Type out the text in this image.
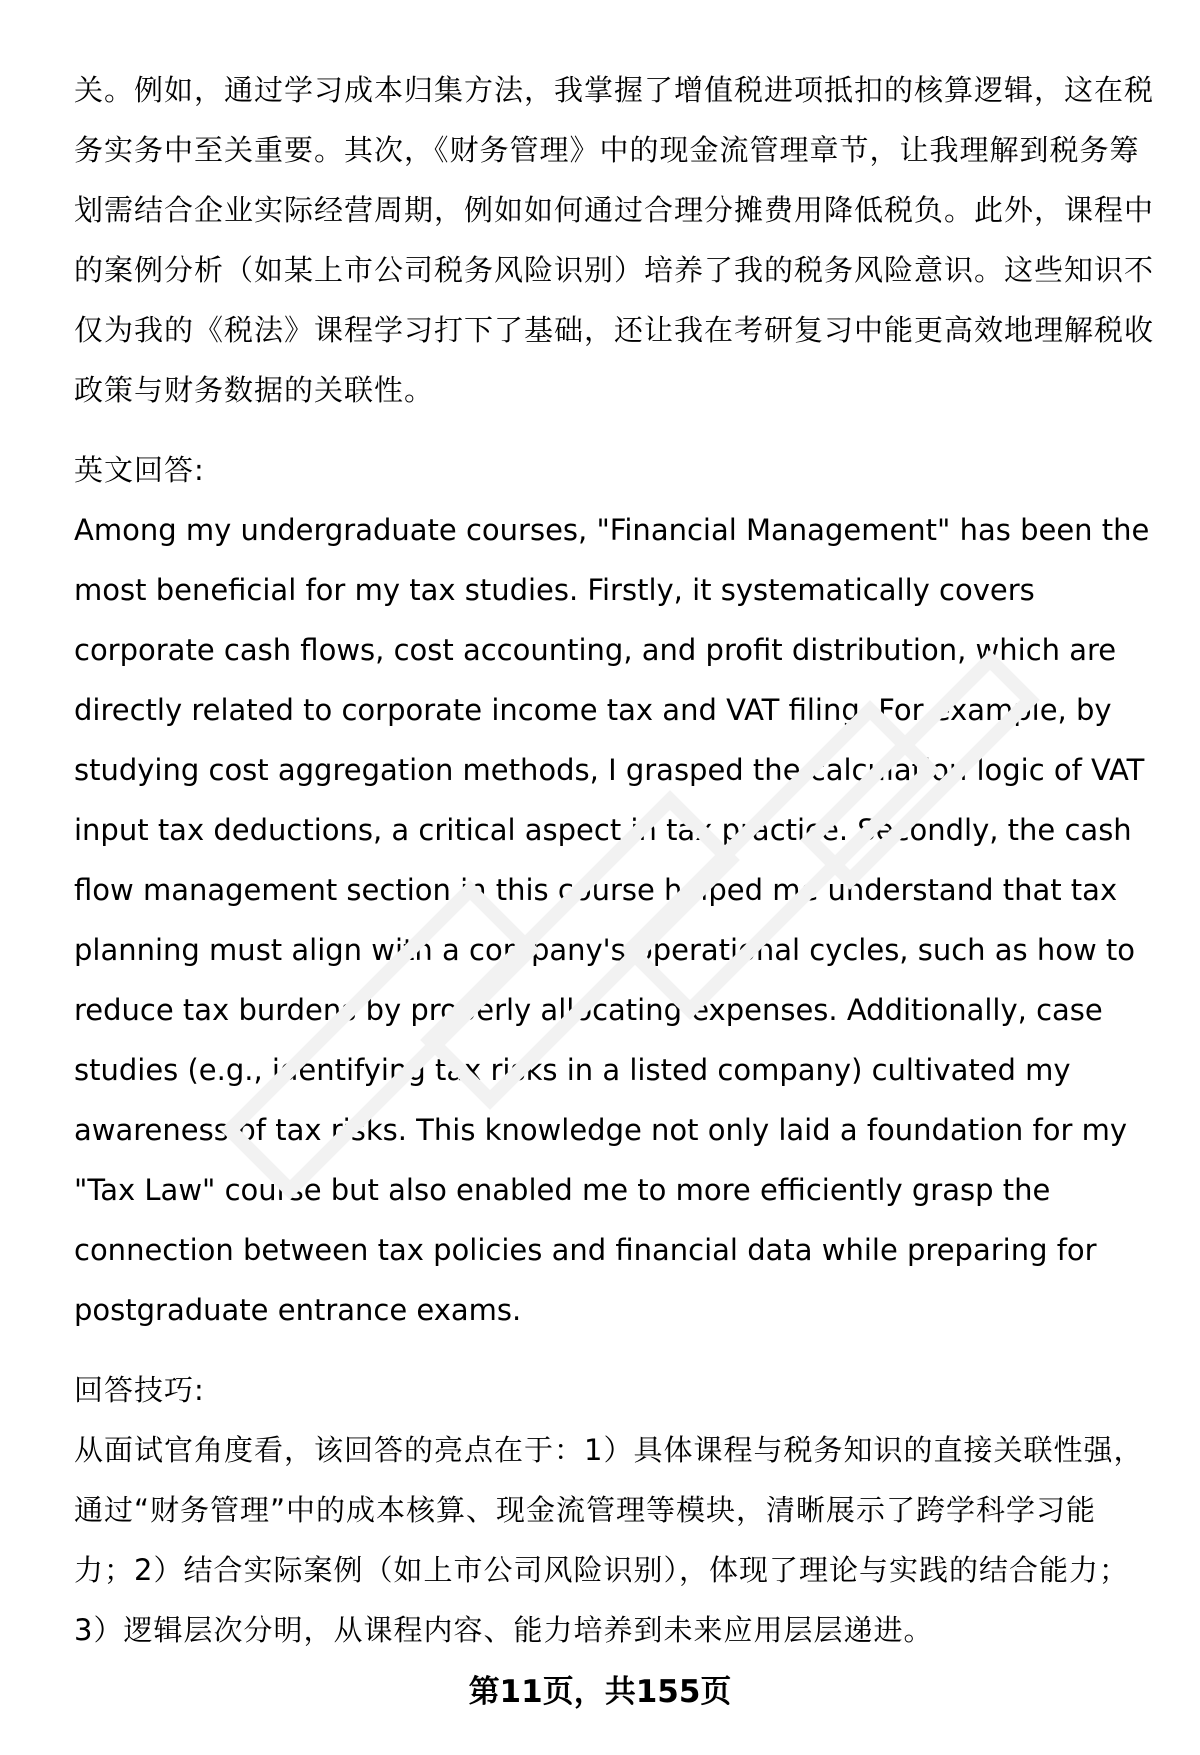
关。例如，通过学习成本归集方法，我掌握了增值税进项抵扣的核算逻辑，这在税务实务中至关重要。其次，《财务管理》中的现金流管理章节，让我理解到税务筹划需结合企业实际经营周期，例如如何通过合理分摊费用降低税负。此外，课程中的案例分析（如某上市公司税务风险识别）培养了我的税务风险意识。这些知识不仅为我的《税法》课程学习打下了基础，还让我在考研复习中能更高效地理解税收政策与财务数据的关联性。

英文回答:

Among my undergraduate courses, "Financial Management" has been the most beneficial for my tax studies. Firstly, it systematically covers corporate cash flows, cost accounting, and profit distribution, which are directly related to corporate income tax and VAT filing. For example, by studying cost aggregation methods, I grasped the calculation logic of VAT input tax deductions, a critical aspect in tax practice. Secondly, the cash flow management section in this course helped me understand that tax planning must align with a company's operational cycles, such as how to reduce tax burdens by properly allocating expenses. Additionally, case studies (e.g., identifying tax risks in a listed company) cultivated my awareness of tax risks. This knowledge not only laid a foundation for my "Tax Law" course but also enabled me to more efficiently grasp the connection between tax policies and financial data while preparing for postgraduate entrance exams.

回答技巧:

从面试官角度看，该回答的亮点在于：1）具体课程与税务知识的直接关联性强，通过“财务管理”中的成本核算、现金流管理等模块，清晰展示了跨学科学习能力；2）结合实际案例（如上市公司风险识别），体现了理论与实践的结合能力；3）逻辑层次分明，从课程内容、能力培养到未来应用层层递进。

第11页，共155页
